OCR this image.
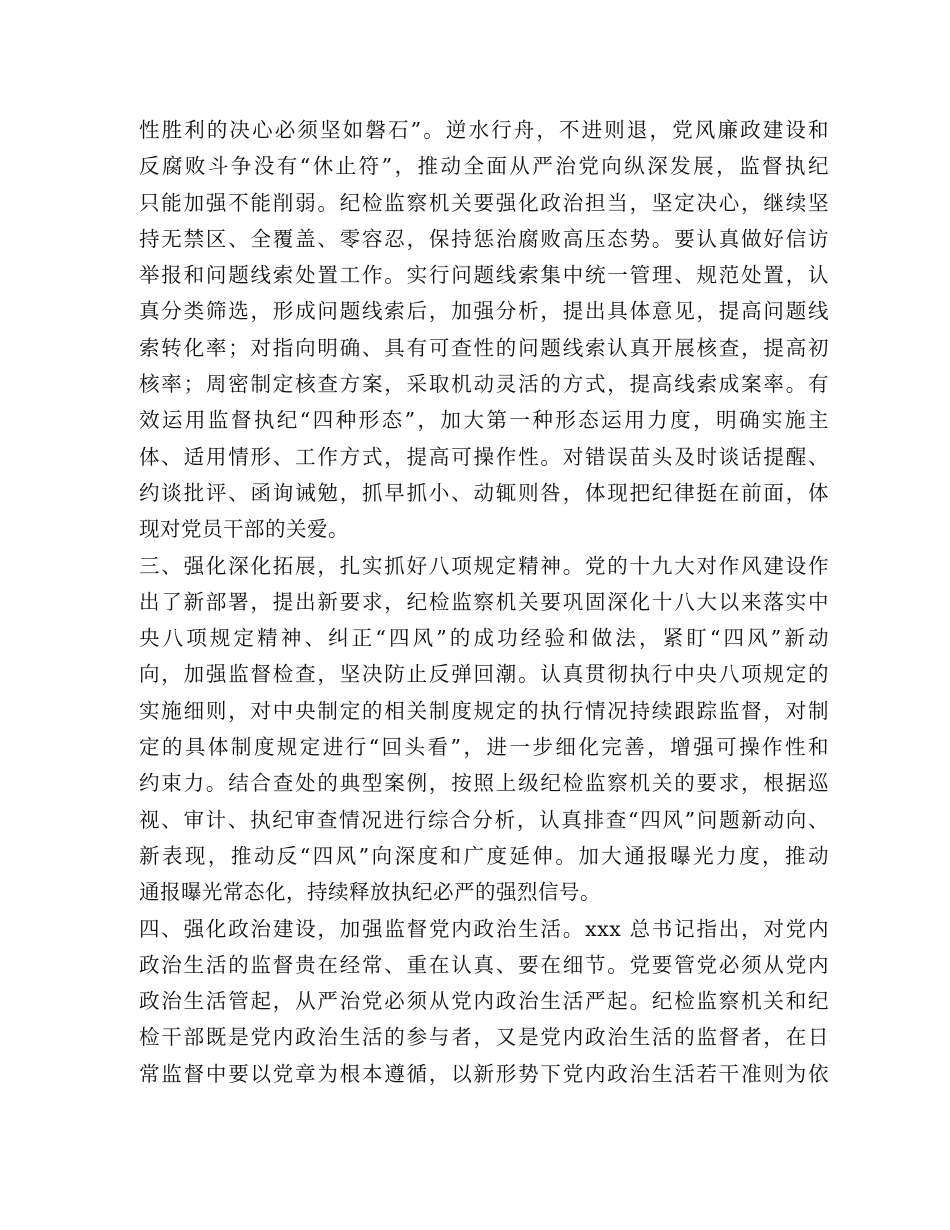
性胜利的决心必须坚如磐石”。逆水行舟，不进则退，党风廉政建设和
反腐败斗争没有“休止符”，推动全面从严治党向纵深发展，监督执纪
只能加强不能削弱。纪检监察机关要强化政治担当，坚定决心，继续坚
持无禁区、全覆盖、零容忍，保持惩治腐败高压态势。要认真做好信访
举报和问题线索处置工作。实行问题线索集中统一管理、规范处置，认
真分类筛选，形成问题线索后，加强分析，提出具体意见，提高问题线
索转化率；对指向明确、具有可查性的问题线索认真开展核查，提高初
核率；周密制定核查方案，采取机动灵活的方式，提高线索成案率。有
效运用监督执纪“四种形态”，加大第一种形态运用力度，明确实施主
体、适用情形、工作方式，提高可操作性。对错误苗头及时谈话提醒、
约谈批评、函询诫勉，抓早抓小、动辄则咎，体现把纪律挺在前面，体
现对党员干部的关爱。
三、强化深化拓展，扎实抓好八项规定精神。党的十九大对作风建设作
出了新部署，提出新要求，纪检监察机关要巩固深化十八大以来落实中
央八项规定精神、纠正“四风”的成功经验和做法，紧盯“四风”新动
向，加强监督检查，坚决防止反弹回潮。认真贯彻执行中央八项规定的
实施细则，对中央制定的相关制度规定的执行情况持续跟踪监督，对制
定的具体制度规定进行“回头看”，进一步细化完善，增强可操作性和
约束力。结合查处的典型案例，按照上级纪检监察机关的要求，根据巡
视、审计、执纪审查情况进行综合分析，认真排查“四风”问题新动向、
新表现，推动反“四风”向深度和广度延伸。加大通报曝光力度，推动
通报曝光常态化，持续释放执纪必严的强烈信号。
四、强化政治建设，加强监督党内政治生活。xxx 总书记指出，对党内
政治生活的监督贵在经常、重在认真、要在细节。党要管党必须从党内
政治生活管起，从严治党必须从党内政治生活严起。纪检监察机关和纪
检干部既是党内政治生活的参与者，又是党内政治生活的监督者，在日
常监督中要以党章为根本遵循，以新形势下党内政治生活若干准则为依
